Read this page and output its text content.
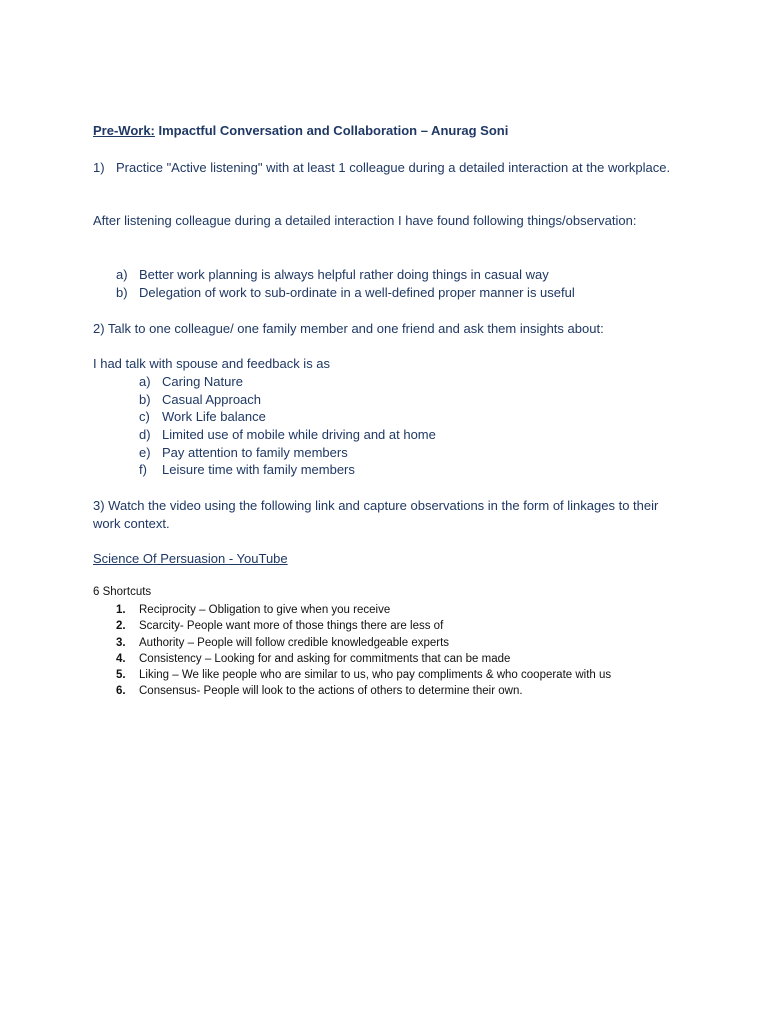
Pre-Work: Impactful Conversation and Collaboration – Anurag Soni
1) Practice "Active listening" with at least 1 colleague during a detailed interaction at the workplace.
After listening colleague during a detailed interaction I have found following things/observation:
a) Better work planning is always helpful rather doing things in casual way
b) Delegation of work to sub-ordinate in a well-defined proper manner is useful
2) Talk to one colleague/ one family member and one friend and ask them insights about:
I had talk with spouse and feedback is as
a) Caring Nature
b) Casual Approach
c) Work Life balance
d) Limited use of mobile while driving and at home
e) Pay attention to family members
f) Leisure time with family members
3) Watch the video using the following link and capture observations in the form of linkages to their work context.
Science Of Persuasion - YouTube
6 Shortcuts
1. Reciprocity – Obligation to give when you receive
2. Scarcity- People want more of those things there are less of
3. Authority – People will follow credible knowledgeable experts
4. Consistency – Looking for and asking for commitments that can be made
5. Liking – We like people who are similar to us, who pay compliments & who cooperate with us
6. Consensus- People will look to the actions of others to determine their own.
